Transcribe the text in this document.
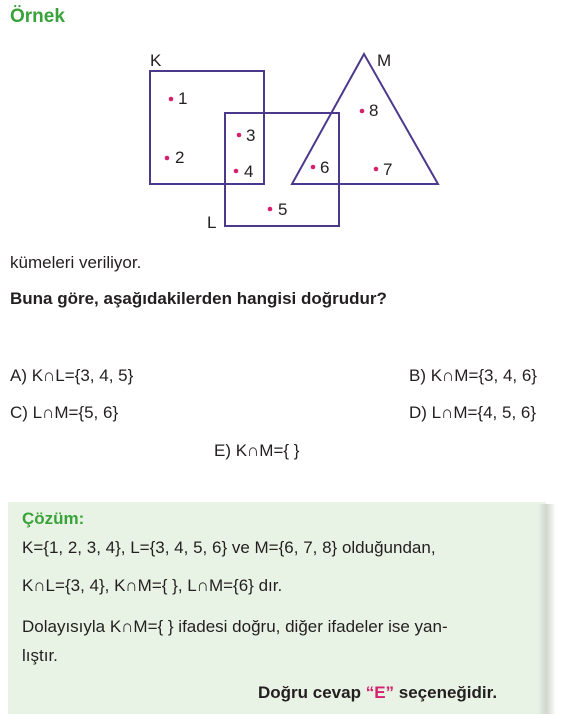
Örnek
K
L
M
1
2
3
4
5
6	7
8
kümeleri veriliyor.
Buna göre, aşağıdakilerden hangisi doğrudur?
A) K∩L={3, 4, 5}	B) K∩M={3, 4, 6}
C) L∩M={5, 6}	D) L∩M={4, 5, 6}
E) K∩M={ }
Çözüm:
K={1, 2, 3, 4}, L={3, 4, 5, 6} ve M={6, 7, 8} olduğundan,
K∩L={3, 4}, K∩M={ }, L∩M={6} dır.
Dolayısıyla K∩M={ } ifadesi doğru, diğer ifadeler ise yan-
lıştır.
Doğru cevap “E” seçeneğidir.
